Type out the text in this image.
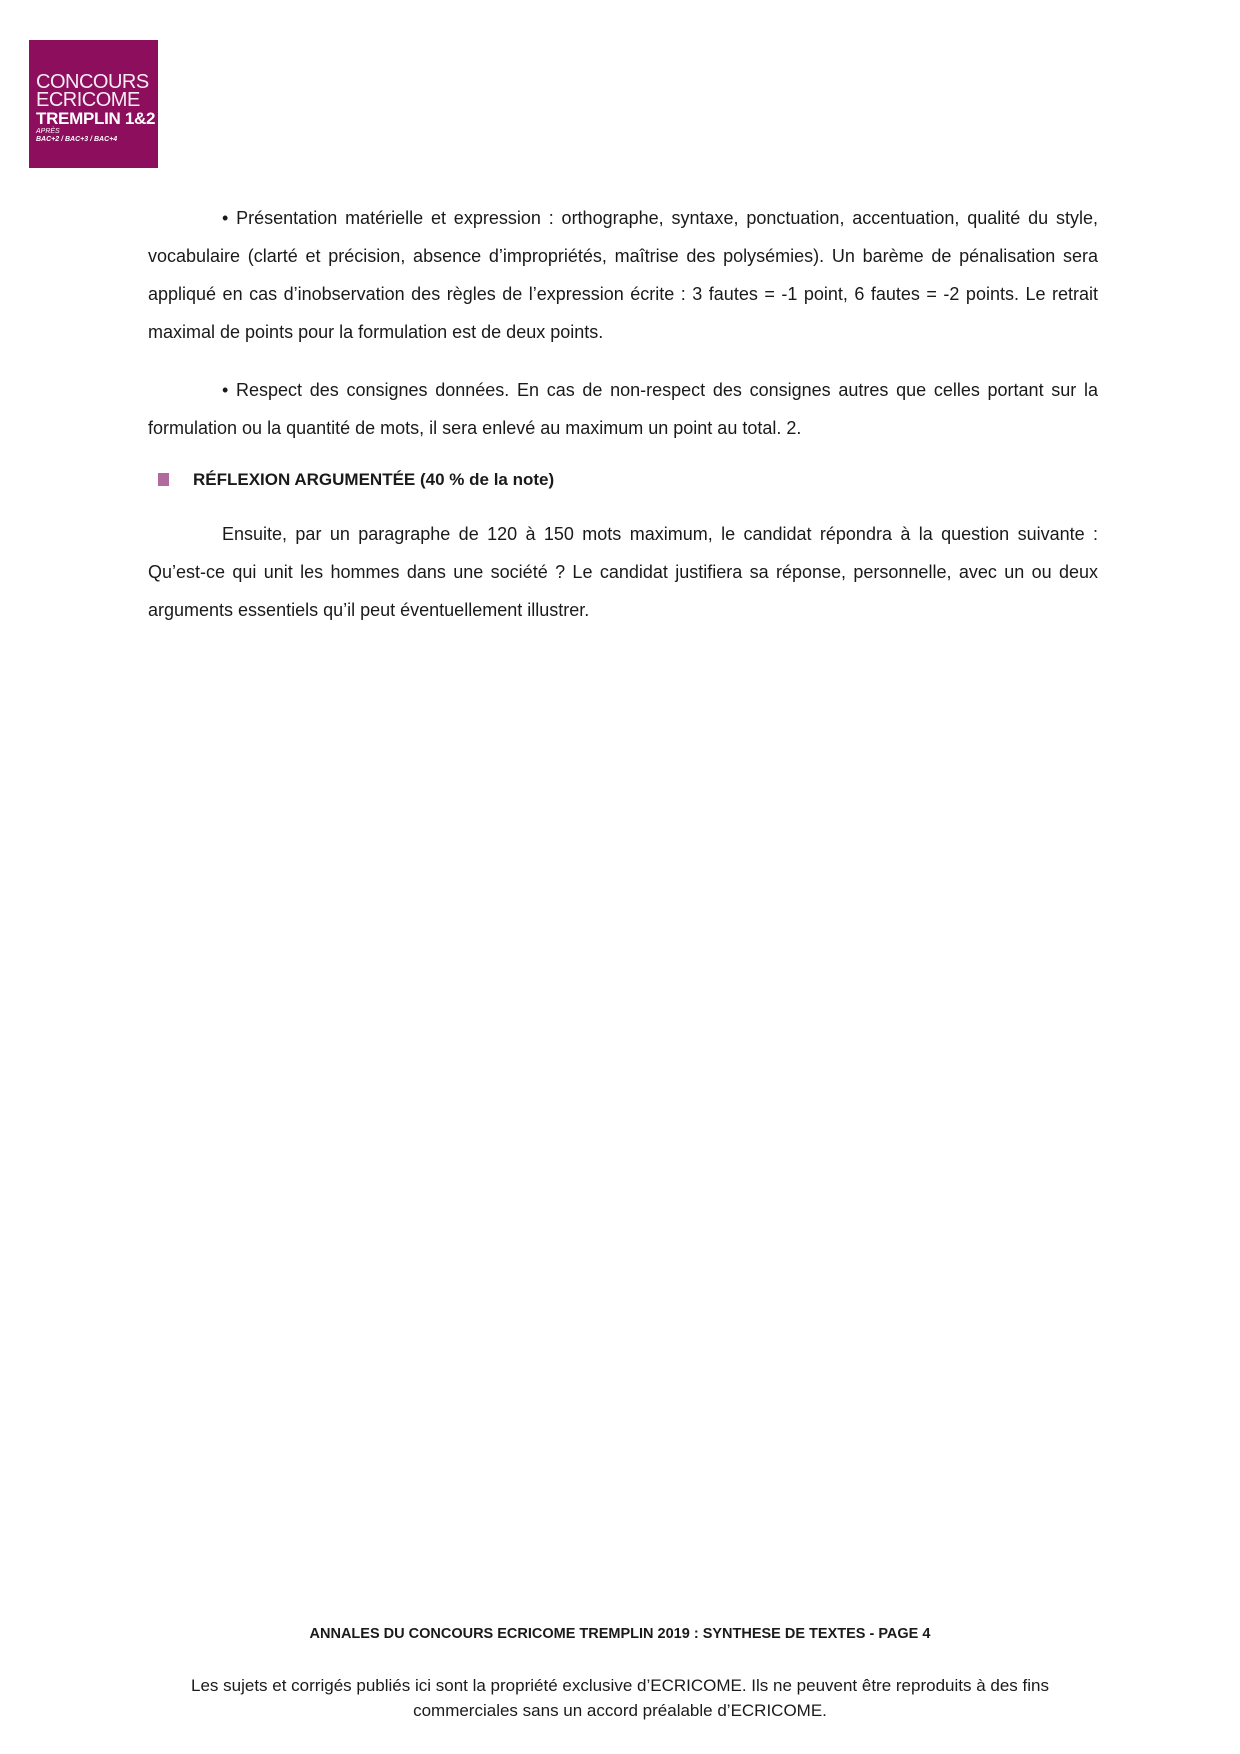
CONCOURS
ECRICOME
TREMPLIN 1&2
APRÈS
BAC+2 / BAC+3 / BAC+4

• Présentation matérielle et expression : orthographe, syntaxe, ponctuation, accentuation, qualité du style, vocabulaire (clarté et précision, absence d’impropriétés, maîtrise des polysémies). Un barème de pénalisation sera appliqué en cas d’inobservation des règles de l’expression écrite : 3 fautes = -1 point, 6 fautes = -2 points. Le retrait maximal de points pour la formulation est de deux points.

• Respect des consignes données. En cas de non-respect des consignes autres que celles portant sur la formulation ou la quantité de mots, il sera enlevé au maximum un point au total. 2.

RÉFLEXION ARGUMENTÉE (40 % de la note)

Ensuite, par un paragraphe de 120 à 150 mots maximum, le candidat répondra à la question suivante : Qu’est-ce qui unit les hommes dans une société ? Le candidat justifiera sa réponse, personnelle, avec un ou deux arguments essentiels qu’il peut éventuellement illustrer.

ANNALES DU CONCOURS ECRICOME TREMPLIN 2019 : SYNTHESE DE TEXTES - PAGE 4
Les sujets et corrigés publiés ici sont la propriété exclusive d’ECRICOME. Ils ne peuvent être reproduits à des fins commerciales sans un accord préalable d’ECRICOME.
